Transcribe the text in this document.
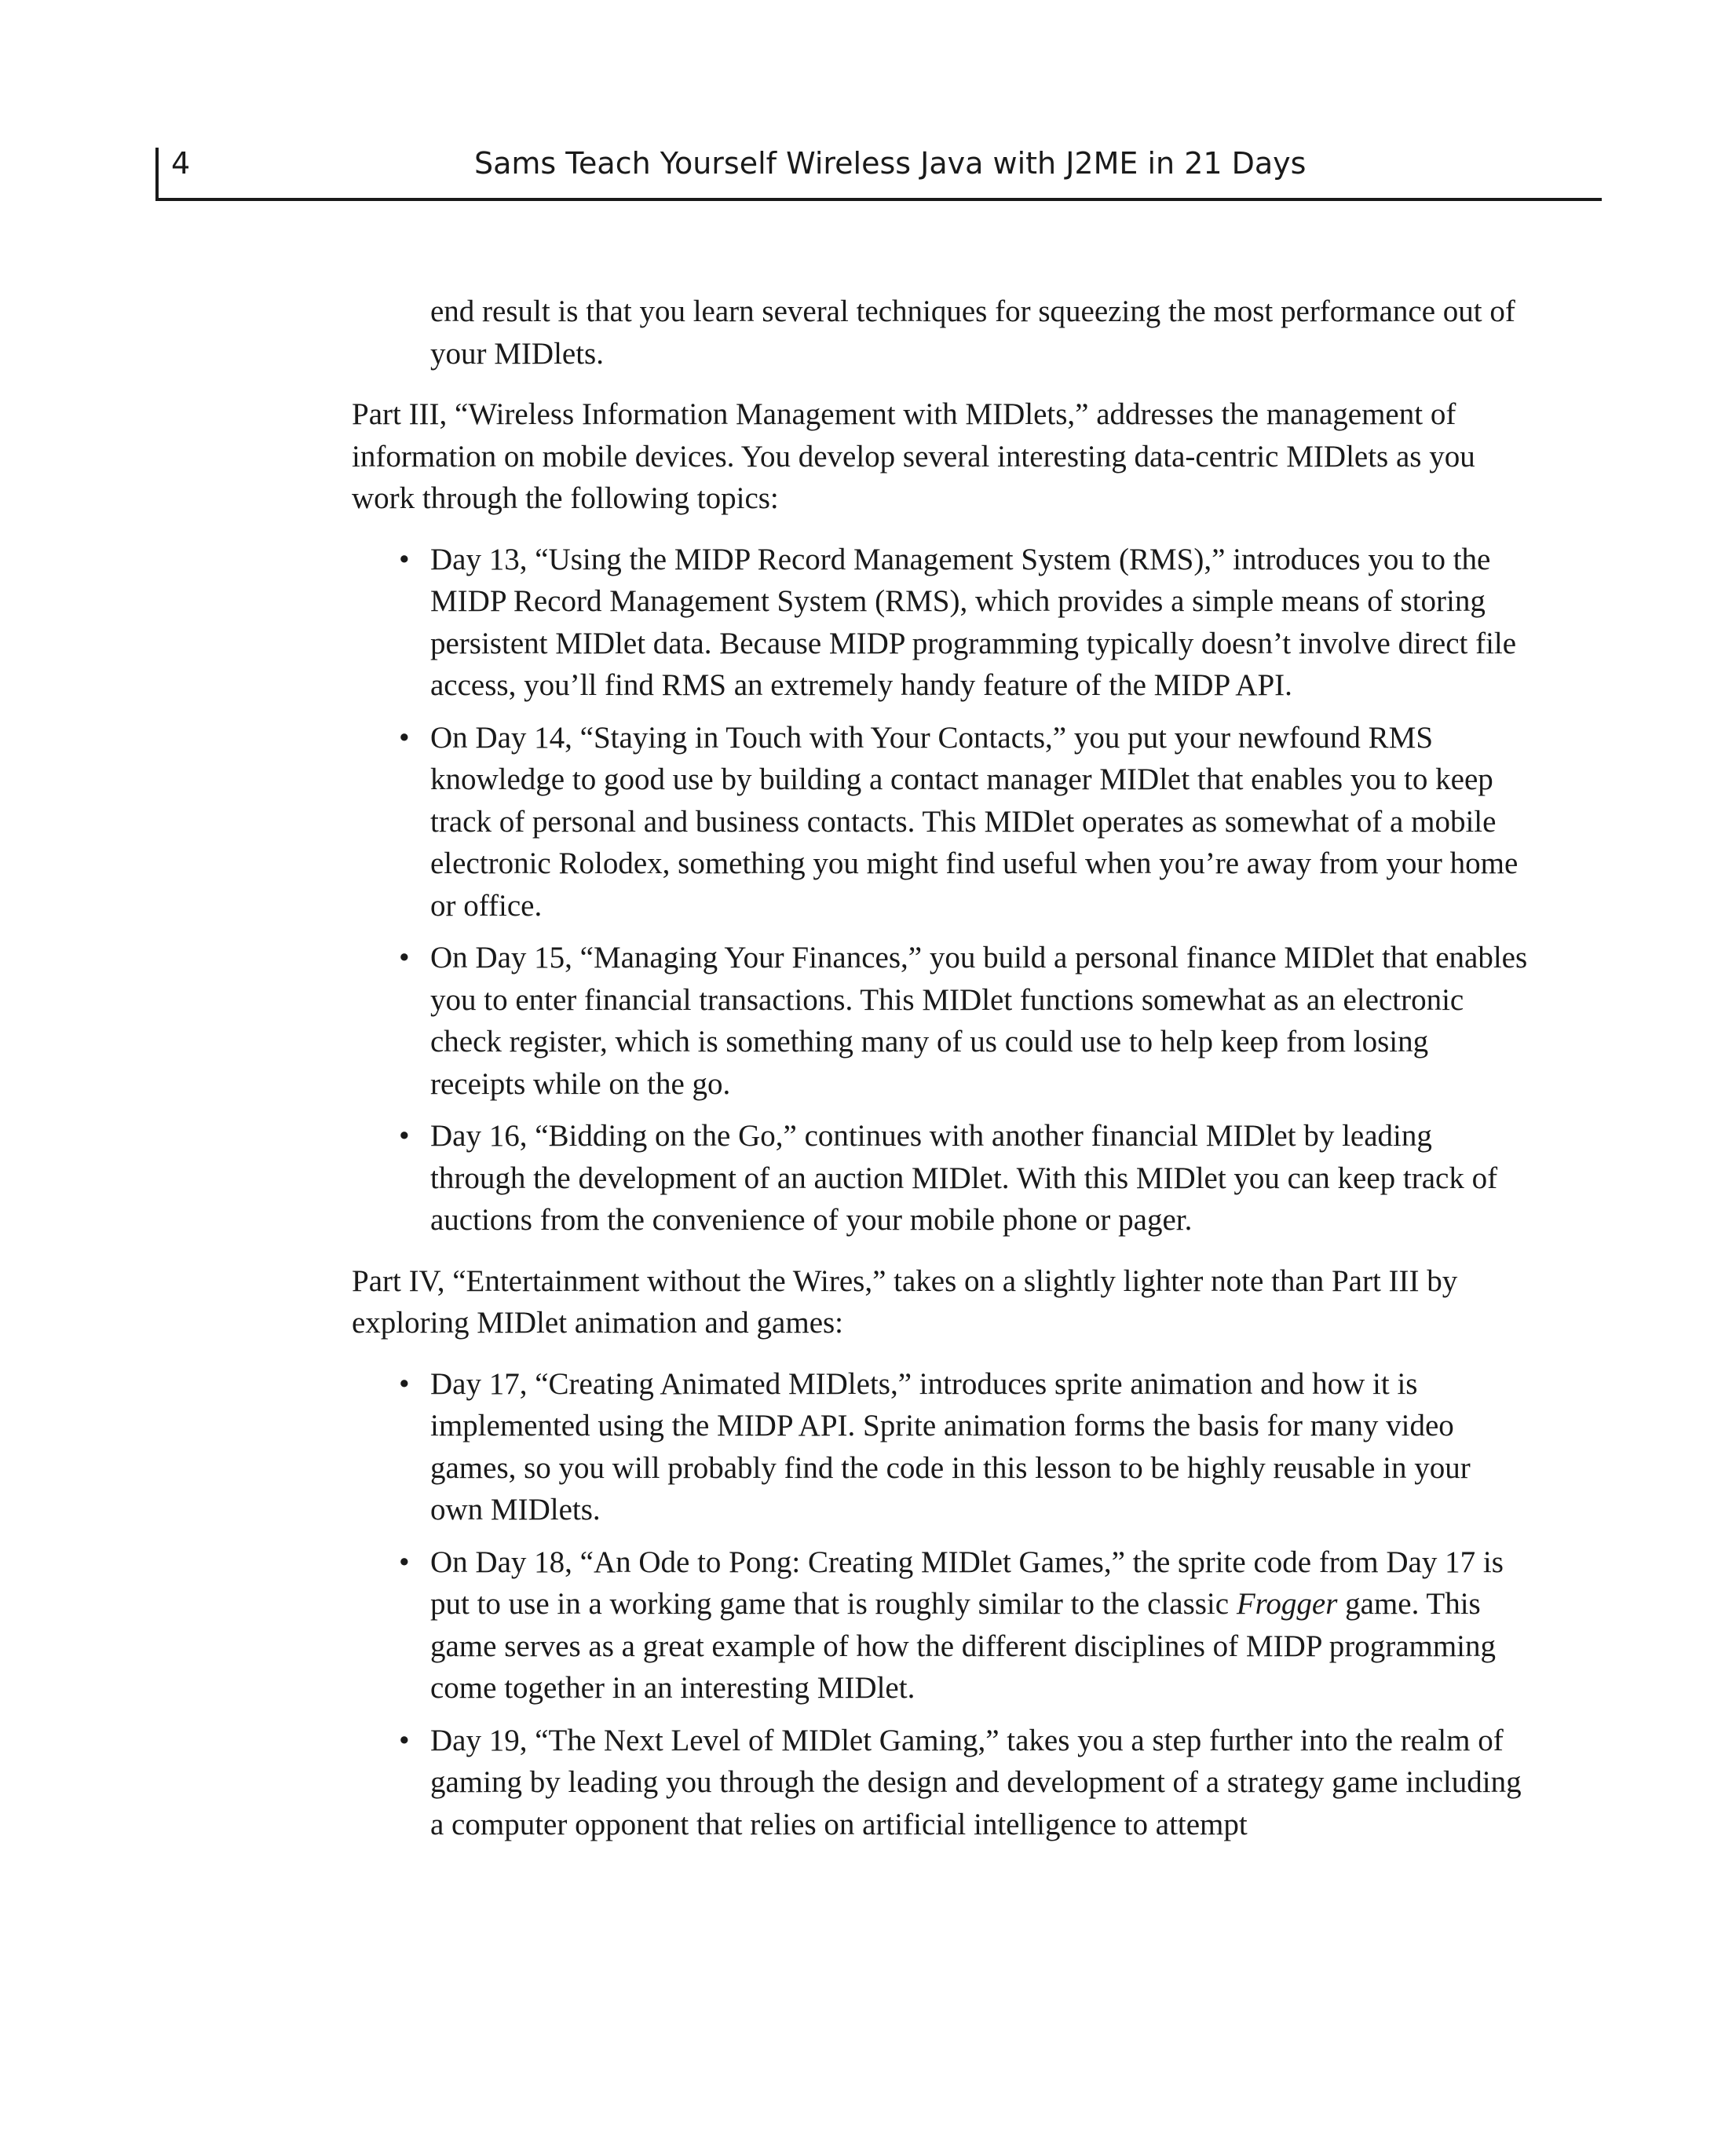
4	Sams Teach Yourself Wireless Java with J2ME in 21 Days

end result is that you learn several techniques for squeezing the most performance out of your MIDlets.

Part III, “Wireless Information Management with MIDlets,” addresses the management of information on mobile devices. You develop several interesting data-centric MIDlets as you work through the following topics:

• Day 13, “Using the MIDP Record Management System (RMS),” introduces you to the MIDP Record Management System (RMS), which provides a simple means of storing persistent MIDlet data. Because MIDP programming typically doesn’t involve direct file access, you’ll find RMS an extremely handy feature of the MIDP API.
• On Day 14, “Staying in Touch with Your Contacts,” you put your newfound RMS knowledge to good use by building a contact manager MIDlet that enables you to keep track of personal and business contacts. This MIDlet operates as somewhat of a mobile electronic Rolodex, something you might find useful when you’re away from your home or office.
• On Day 15, “Managing Your Finances,” you build a personal finance MIDlet that enables you to enter financial transactions. This MIDlet functions somewhat as an electronic check register, which is something many of us could use to help keep from losing receipts while on the go.
• Day 16, “Bidding on the Go,” continues with another financial MIDlet by leading through the development of an auction MIDlet. With this MIDlet you can keep track of auctions from the convenience of your mobile phone or pager.

Part IV, “Entertainment without the Wires,” takes on a slightly lighter note than Part III by exploring MIDlet animation and games:

• Day 17, “Creating Animated MIDlets,” introduces sprite animation and how it is implemented using the MIDP API. Sprite animation forms the basis for many video games, so you will probably find the code in this lesson to be highly reusable in your own MIDlets.
• On Day 18, “An Ode to Pong: Creating MIDlet Games,” the sprite code from Day 17 is put to use in a working game that is roughly similar to the classic Frogger game. This game serves as a great example of how the different disciplines of MIDP programming come together in an interesting MIDlet.
• Day 19, “The Next Level of MIDlet Gaming,” takes you a step further into the realm of gaming by leading you through the design and development of a strategy game including a computer opponent that relies on artificial intelligence to attempt
